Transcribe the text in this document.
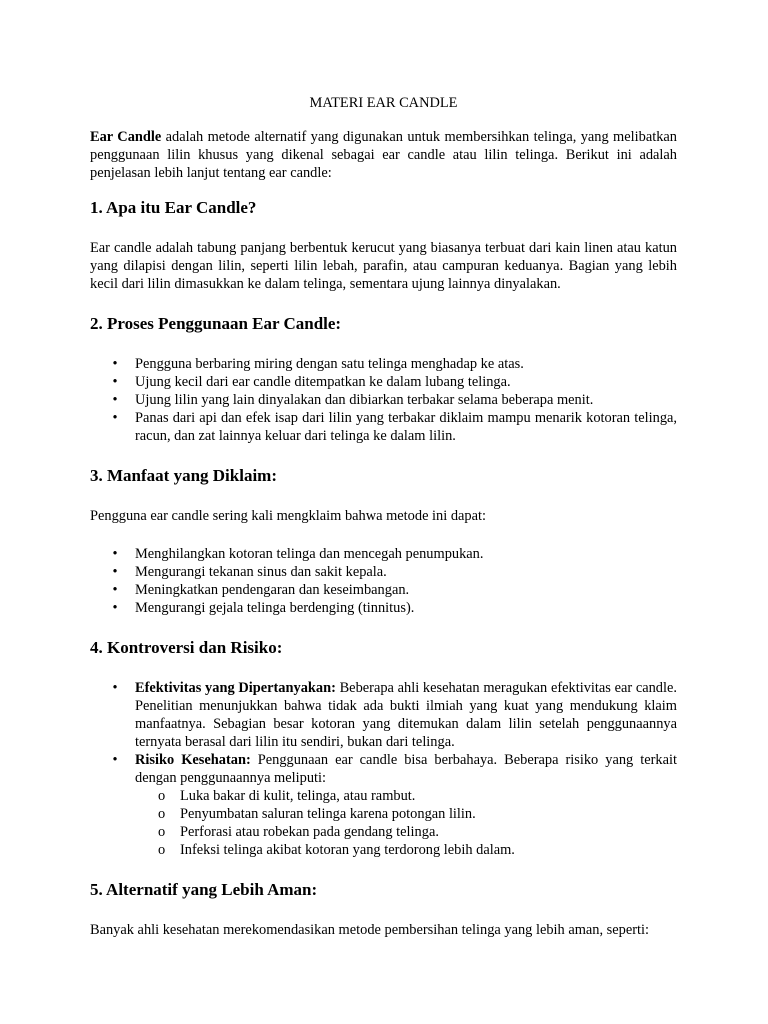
MATERI EAR CANDLE

Ear Candle adalah metode alternatif yang digunakan untuk membersihkan telinga, yang melibatkan penggunaan lilin khusus yang dikenal sebagai ear candle atau lilin telinga. Berikut ini adalah penjelasan lebih lanjut tentang ear candle:

1. Apa itu Ear Candle?

Ear candle adalah tabung panjang berbentuk kerucut yang biasanya terbuat dari kain linen atau katun yang dilapisi dengan lilin, seperti lilin lebah, parafin, atau campuran keduanya. Bagian yang lebih kecil dari lilin dimasukkan ke dalam telinga, sementara ujung lainnya dinyalakan.

2. Proses Penggunaan Ear Candle:
• Pengguna berbaring miring dengan satu telinga menghadap ke atas.
• Ujung kecil dari ear candle ditempatkan ke dalam lubang telinga.
• Ujung lilin yang lain dinyalakan dan dibiarkan terbakar selama beberapa menit.
• Panas dari api dan efek isap dari lilin yang terbakar diklaim mampu menarik kotoran telinga, racun, dan zat lainnya keluar dari telinga ke dalam lilin.
3. Manfaat yang Diklaim:

Pengguna ear candle sering kali mengklaim bahwa metode ini dapat:

• Menghilangkan kotoran telinga dan mencegah penumpukan.
• Mengurangi tekanan sinus dan sakit kepala.
• Meningkatkan pendengaran dan keseimbangan.
• Mengurangi gejala telinga berdenging (tinnitus).
4. Kontroversi dan Risiko:
• Efektivitas yang Dipertanyakan: Beberapa ahli kesehatan meragukan efektivitas ear candle. Penelitian menunjukkan bahwa tidak ada bukti ilmiah yang kuat yang mendukung klaim manfaatnya. Sebagian besar kotoran yang ditemukan dalam lilin setelah penggunaannya ternyata berasal dari lilin itu sendiri, bukan dari telinga.
• Risiko Kesehatan: Penggunaan ear candle bisa berbahaya. Beberapa risiko yang terkait dengan penggunaannya meliputi:
o Luka bakar di kulit, telinga, atau rambut.
o Penyumbatan saluran telinga karena potongan lilin.
o Perforasi atau robekan pada gendang telinga.
o Infeksi telinga akibat kotoran yang terdorong lebih dalam.
5. Alternatif yang Lebih Aman:

Banyak ahli kesehatan merekomendasikan metode pembersihan telinga yang lebih aman, seperti:
